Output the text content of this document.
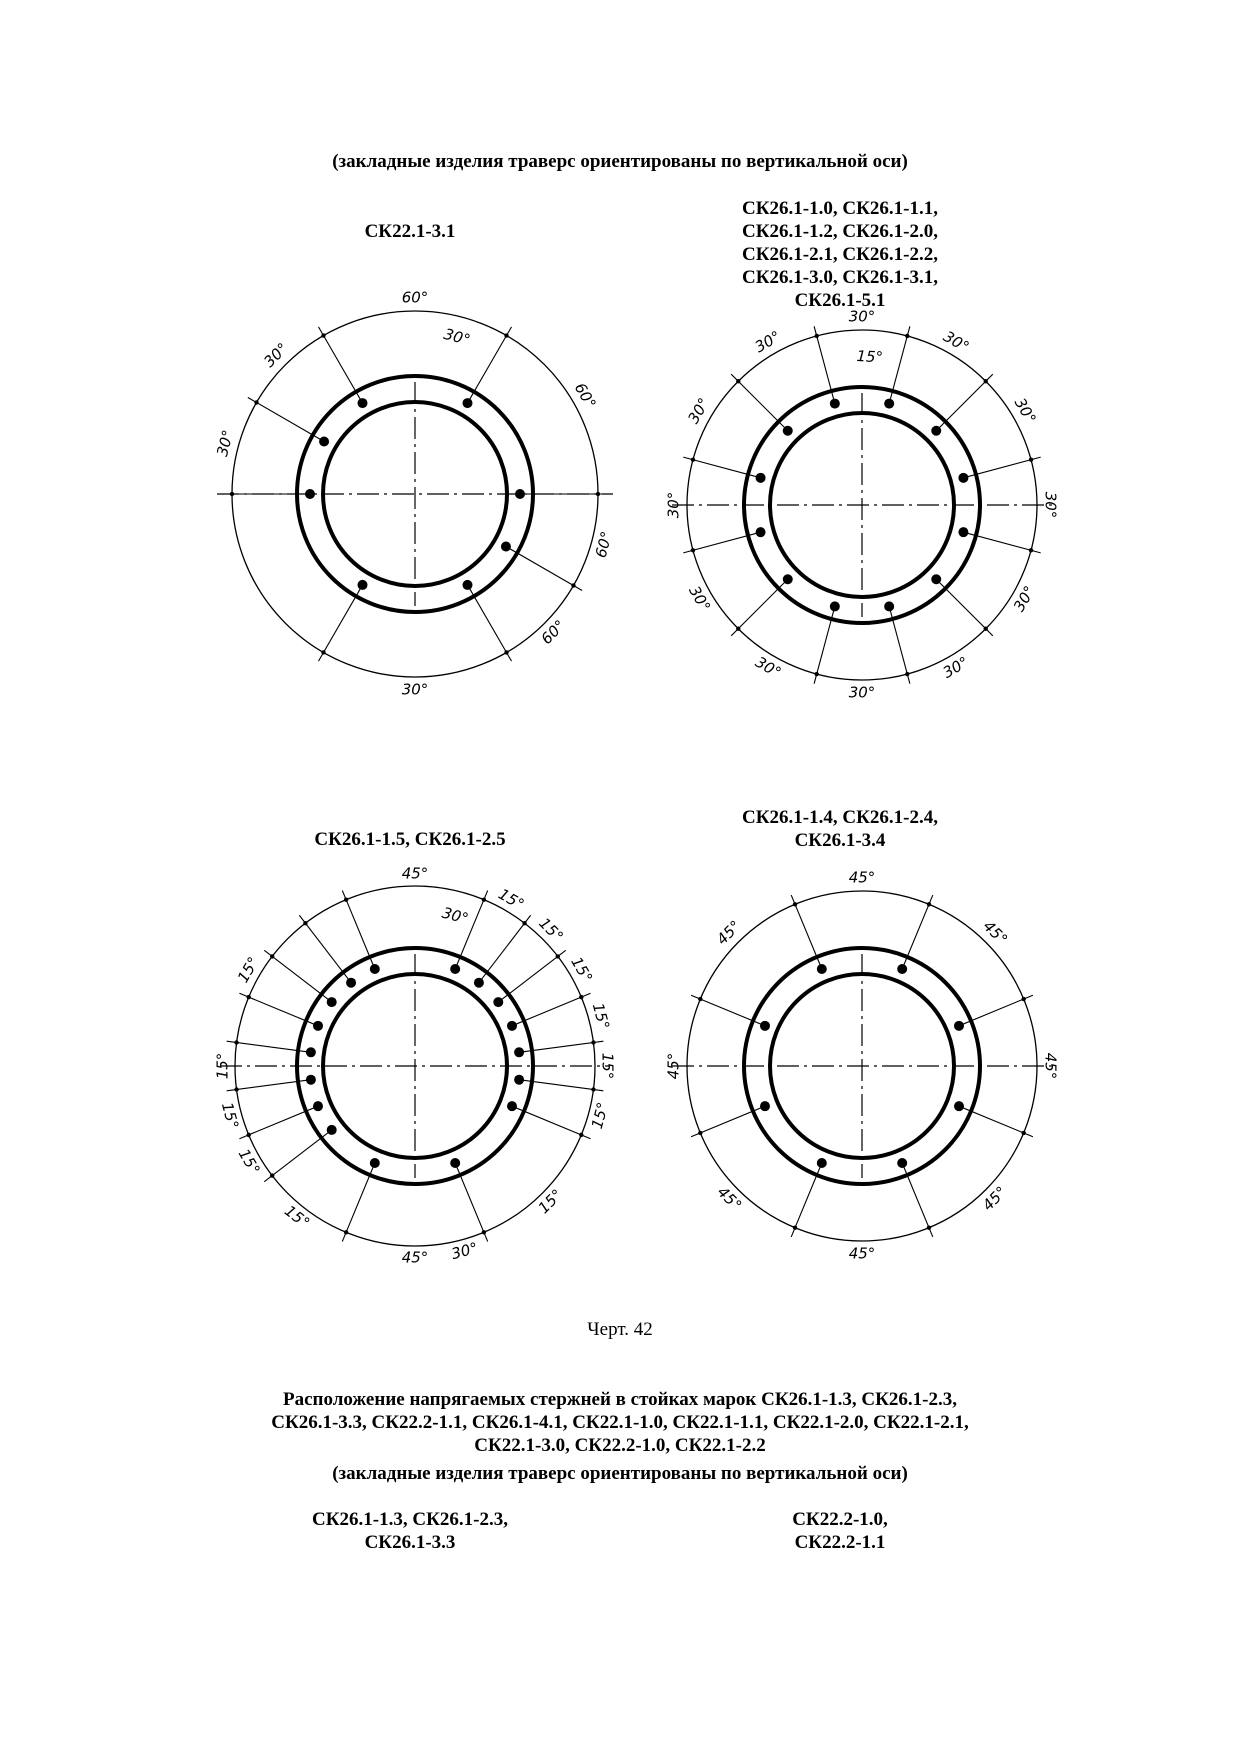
(закладные изделия траверс ориентированы по вертикальной оси)
СК22.1-3.1
СК26.1-1.0, СК26.1-1.1,
СК26.1-1.2, СК26.1-2.0,
СК26.1-2.1, СК26.1-2.2,
СК26.1-3.0, СК26.1-3.1,
СК26.1-5.1
СК26.1-1.5, СК26.1-2.5
СК26.1-1.4, СК26.1-2.4,
СК26.1-3.4
60°
30°
60°
30°
30°
60°
60°
30°
30°
15°
30°
30°
30°
30°
30°
30°
30°
30°
30°
30°
30°
45°
30°
15°
15°
15°
15°
15°
15°
15°
30°
15°
15°
15°
15°
15°
45°
45°
45°
45°
45°
45°
45°
45°
45°
Черт. 42
Расположение напрягаемых стержней в стойках марок СК26.1-1.3, СК26.1-2.3,
СК26.1-3.3, СК22.2-1.1, СК26.1-4.1, СК22.1-1.0, СК22.1-1.1, СК22.1-2.0, СК22.1-2.1,
СК22.1-3.0, СК22.2-1.0, СК22.1-2.2
(закладные изделия траверс ориентированы по вертикальной оси)
СК26.1-1.3, СК26.1-2.3,
СК26.1-3.3
СК22.2-1.0,
СК22.2-1.1
